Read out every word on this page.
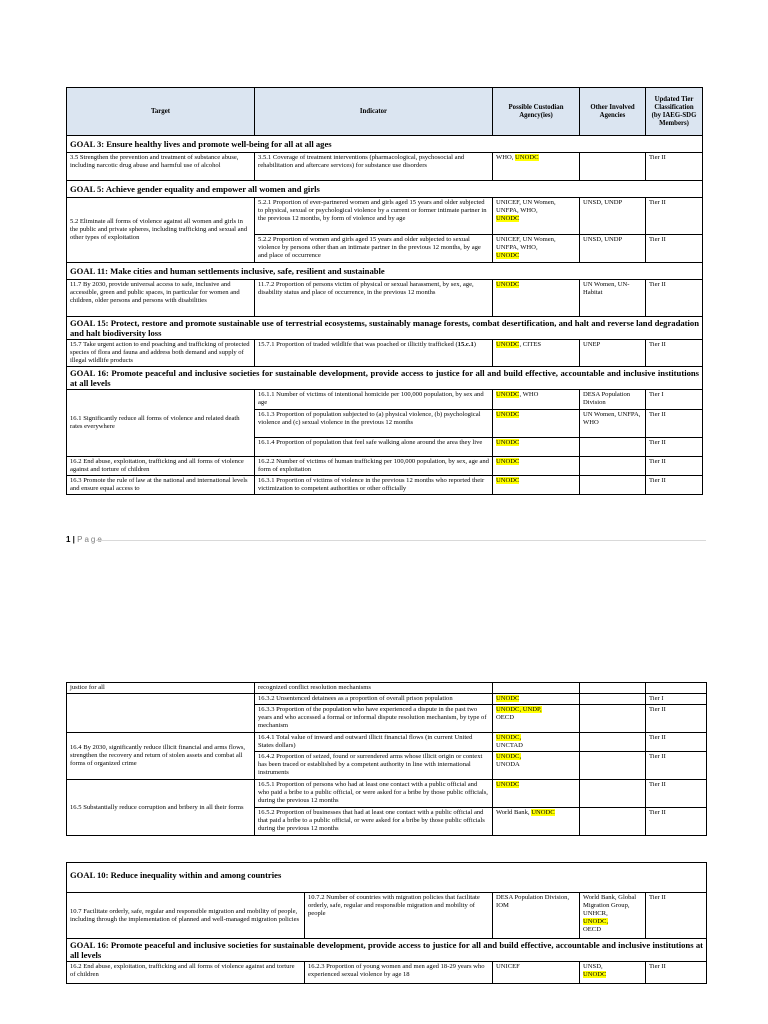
Target	Indicator	Possible Custodian Agency(ies)	Other Involved Agencies	Updated Tier Classification (by IAEG-SDG Members)
GOAL 3: Ensure healthy lives and promote well-being for all at all ages				
3.5 Strengthen the prevention and treatment of substance abuse, including narcotic drug abuse and harmful use of alcohol	3.5.1 Coverage of treatment interventions (pharmacological, psychosocial and rehabilitation and aftercare services) for substance use disorders	WHO, UNODC		Tier II
GOAL 5: Achieve gender equality and empower all women and girls				
5.2 Eliminate all forms of violence against all women and girls in the public and private spheres, including trafficking and sexual and other types of exploitation	5.2.1 Proportion of ever-partnered women and girls aged 15 years and older subjected to physical, sexual or psychological violence by a current or former intimate partner in the previous 12 months, by form of violence and by age	UNICEF, UN Women, UNFPA, WHO,
UNODC	UNSD, UNDP	Tier II
	5.2.2 Proportion of women and girls aged 15 years and older subjected to sexual violence by persons other than an intimate partner in the previous 12 months, by age and place of occurrence	UNICEF, UN Women, UNFPA, WHO,
UNODC	UNSD, UNDP	Tier II
GOAL 11: Make cities and human settlements inclusive, safe, resilient and sustainable				
11.7 By 2030, provide universal access to safe, inclusive and accessible, green and public spaces, in particular for women and children, older persons and persons with disabilities	11.7.2 Proportion of persons victim of physical or sexual harassment, by sex, age, disability status and place of occurrence, in the previous 12 months	UNODC	UN Women, UN-Habitat	Tier II
GOAL 15: Protect, restore and promote sustainable use of terrestrial ecosystems, sustainably manage forests, combat desertification, and halt and reverse land degradation and halt biodiversity loss				
15.7 Take urgent action to end poaching and trafficking of protected species of flora and fauna and address both demand and supply of illegal wildlife products	15.7.1 Proportion of traded wildlife that was poached or illicitly trafficked (15.c.1)	UNODC, CITES	UNEP	Tier II
GOAL 16: Promote peaceful and inclusive societies for sustainable development, provide access to justice for all and build effective, accountable and inclusive institutions at all levels				
16.1 Significantly reduce all forms of violence and related death rates everywhere	16.1.1 Number of victims of intentional homicide per 100,000 population, by sex and age	UNODC, WHO	DESA Population Division	Tier I
	16.1.3 Proportion of population subjected to (a) physical violence, (b) psychological violence and (c) sexual violence in the previous 12 months	UNODC	UN Women, UNFPA, WHO	Tier II
	16.1.4 Proportion of population that feel safe walking alone around the area they live	UNODC		Tier II
16.2 End abuse, exploitation, trafficking and all forms of violence against and torture of children	16.2.2 Number of victims of human trafficking per 100,000 population, by sex, age and form of exploitation	UNODC		Tier II
16.3 Promote the rule of law at the national and international levels and ensure equal access to	16.3.1 Proportion of victims of violence in the previous 12 months who reported their victimization to competent authorities or other officially	UNODC		Tier II
1 | Page
justice for all	recognized conflict resolution mechanisms			
	16.3.2 Unsentenced detainees as a proportion of overall prison population	UNODC		Tier I
	16.3.3 Proportion of the population who have experienced a dispute in the past two years and who accessed a formal or informal dispute resolution mechanism, by type of mechanism	UNODC, UNDP,
OECD		Tier II
16.4 By 2030, significantly reduce illicit financial and arms flows, strengthen the recovery and return of stolen assets and combat all forms of organized crime	16.4.1 Total value of inward and outward illicit financial flows (in current United States dollars)	UNODC,
UNCTAD		Tier II
	16.4.2 Proportion of seized, found or surrendered arms whose illicit origin or context has been traced or established by a competent authority in line with international instruments	UNODC,
UNODA		Tier II
16.5 Substantially reduce corruption and bribery in all their forms	16.5.1 Proportion of persons who had at least one contact with a public official and who paid a bribe to a public official, or were asked for a bribe by those public officials, during the previous 12 months	UNODC		Tier II
	16.5.2 Proportion of businesses that had at least one contact with a public official and that paid a bribe to a public official, or were asked for a bribe by those public officials during the previous 12 months	World Bank, UNODC		Tier II
GOAL 10: Reduce inequality within and among countries				
10.7 Facilitate orderly, safe, regular and responsible migration and mobility of people, including through the implementation of planned and well-managed migration policies	10.7.2 Number of countries with migration policies that facilitate orderly, safe, regular and responsible migration and mobility of people	DESA Population Division, IOM	World Bank, Global Migration Group, UNHCR,
UNODC,
OECD	Tier II
GOAL 16: Promote peaceful and inclusive societies for sustainable development, provide access to justice for all and build effective, accountable and inclusive institutions at all levels				
16.2 End abuse, exploitation, trafficking and all forms of violence against and torture of children	16.2.3 Proportion of young women and men aged 18-29 years who experienced sexual violence by age 18	UNICEF	UNSD,
UNODC	Tier II
